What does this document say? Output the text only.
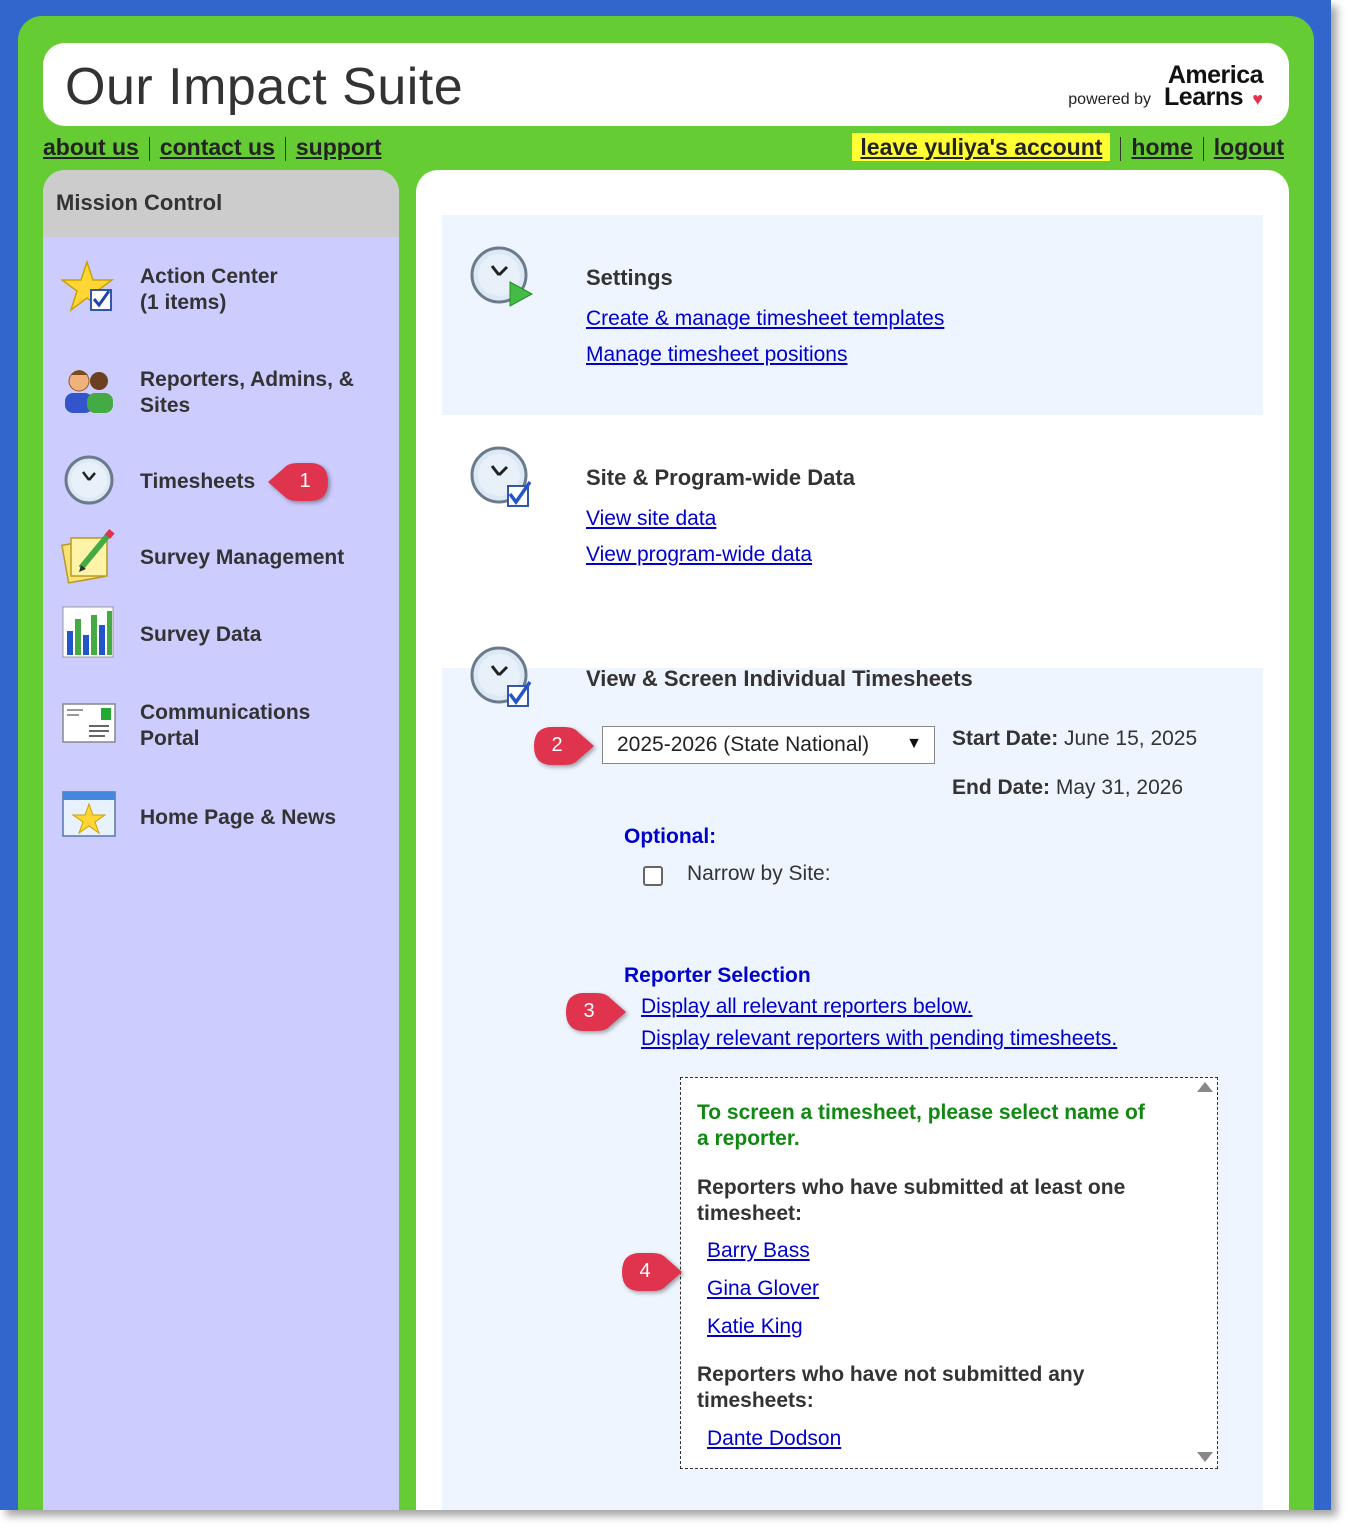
Our Impact Suite	America
powered by Learns ♥
about us contact us support	leave yuliya's account home logout
Mission Control
Action Center
(1 items)
Reporters, Admins, &
Sites
Timesheets
Survey Management
Survey Data
Communications
Portal
Home Page & News
Settings
Create & manage timesheet templates
Manage timesheet positions
Site & Program-wide Data
View site data
View program-wide data
View & Screen Individual Timesheets
2025-2026 (State National) ▼ Start Date: June 15, 2025
End Date: May 31, 2026
Optional:
Narrow by Site:
Reporter Selection
Display all relevant reporters below.
Display relevant reporters with pending timesheets.
To screen a timesheet, please select name of
a reporter.
Reporters who have submitted at least one
timesheet:
Barry Bass
Gina Glover
Katie King
Reporters who have not submitted any
timesheets:
Dante Dodson
1
2
3
4
